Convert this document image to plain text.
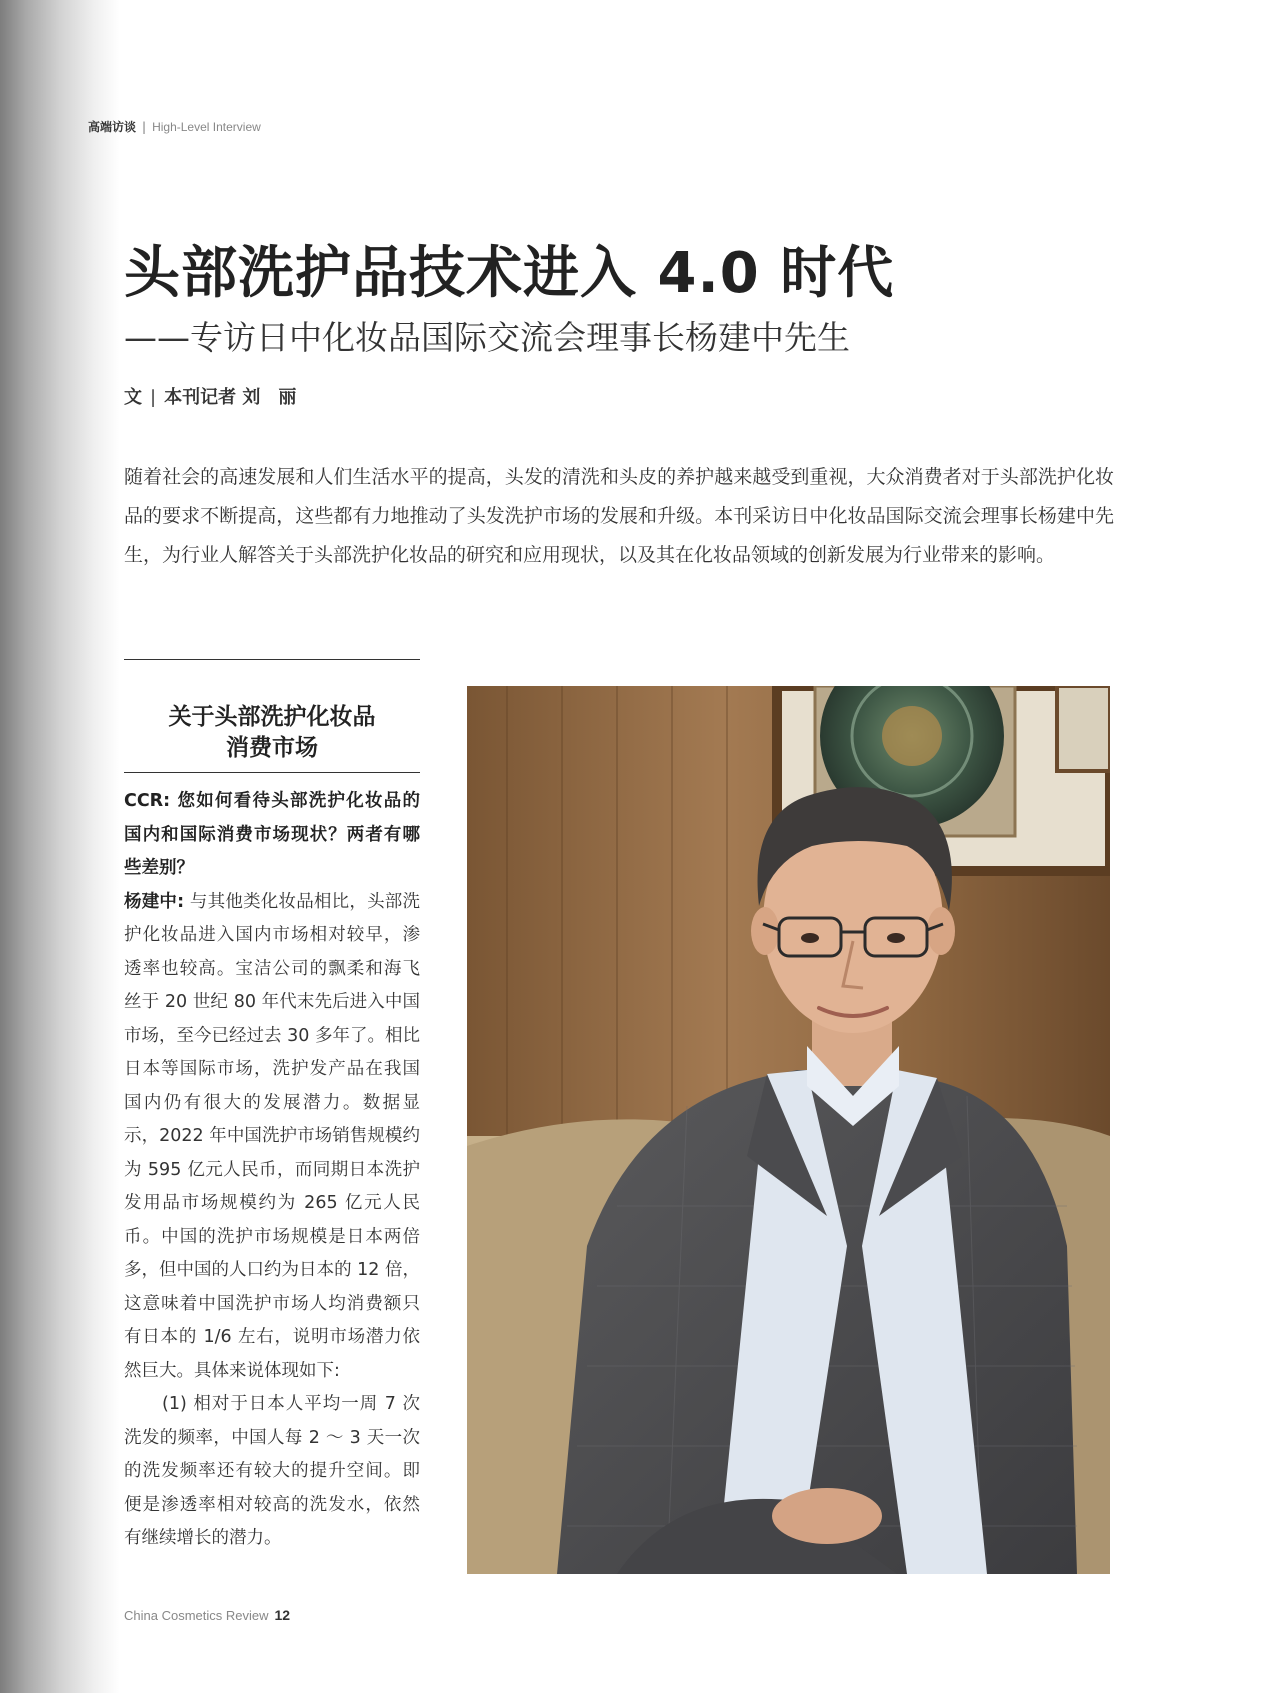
高端访谈 | High-Level Interview
头部洗护品技术进入 4.0 时代
——专访日中化妆品国际交流会理事长杨建中先生
文 | 本刊记者 刘　丽
随着社会的高速发展和人们生活水平的提高，头发的清洗和头皮的养护越来越受到重视，大众消费者对于头部洗护化妆品的要求不断提高，这些都有力地推动了头发洗护市场的发展和升级。本刊采访日中化妆品国际交流会理事长杨建中先生，为行业人解答关于头部洗护化妆品的研究和应用现状，以及其在化妆品领域的创新发展为行业带来的影响。
关于头部洗护化妆品
消费市场

CCR: 您如何看待头部洗护化妆品的国内和国际消费市场现状？两者有哪些差别？

杨建中: 与其他类化妆品相比，头部洗护化妆品进入国内市场相对较早，渗透率也较高。宝洁公司的飘柔和海飞丝于 20 世纪 80 年代末先后进入中国市场，至今已经过去 30 多年了。相比日本等国际市场，洗护发产品在我国国内仍有很大的发展潜力。数据显示，2022 年中国洗护市场销售规模约为 595 亿元人民币，而同期日本洗护发用品市场规模约为 265 亿元人民币。中国的洗护市场规模是日本两倍多，但中国的人口约为日本的 12 倍，这意味着中国洗护市场人均消费额只有日本的 1/6 左右，说明市场潜力依然巨大。具体来说体现如下:

(1) 相对于日本人平均一周 7 次洗发的频率，中国人每 2 ～ 3 天一次的洗发频率还有较大的提升空间。即便是渗透率相对较高的洗发水，依然有继续增长的潜力。

China Cosmetics Review 12
